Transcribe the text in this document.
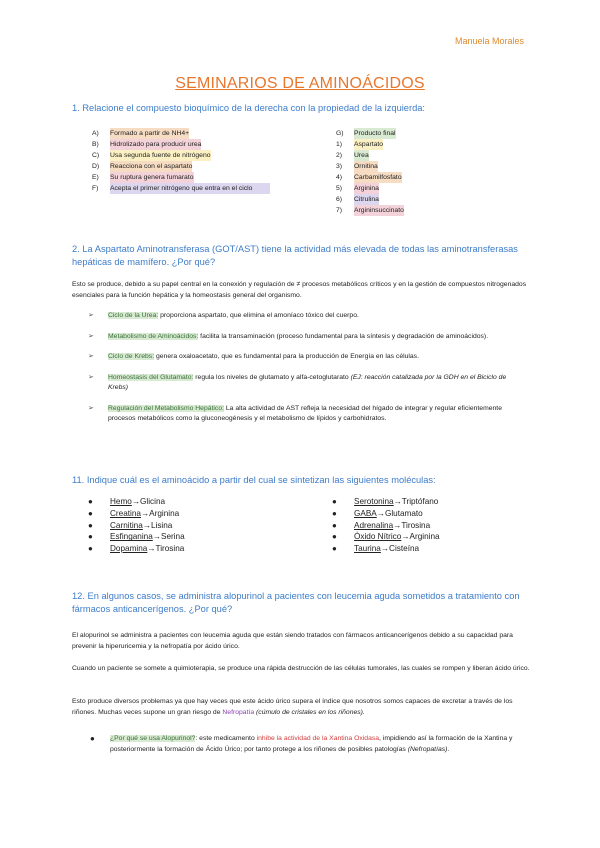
Manuela Morales
SEMINARIOS DE AMINOÁCIDOS
1. Relacione el compuesto bioquímico de la derecha con la propiedad de la izquierda:
A)	Formado a partir de NH4+
B)	Hidrolizado para producir urea
C)	Usa segunda fuente de nitrógeno
D)	Reacciona con el aspartato
E)	Su ruptura genera fumarato
F)	Acepta el primer nitrógeno que entra en el ciclo
G)	Producto final
1)	Aspartato
2)	Urea
3)	Ornitina
4)	Carbamilfosfato
5)	Arginina
6)	Citrulina
7)	Argininsuccinato
2. La Aspartato Aminotransferasa (GOT/AST) tiene la actividad más elevada de todas las aminotransferasas hepáticas de mamífero. ¿Por qué?
Esto se produce, debido a su papel central en la conexión y regulación de ≠ procesos metabólicos críticos y en la gestión de compuestos nitrogenados esenciales para la función hepática y la homeostasis general del organismo.
➢	Ciclo de la Urea: proporciona aspartato, que elimina el amoníaco tóxico del cuerpo.
➢	Metabolismo de Aminoácidos: facilita la transaminación (proceso fundamental para la síntesis y degradación de aminoácidos).
➢	Ciclo de Krebs: genera oxaloacetato, que es fundamental para la producción de Energía en las células.
➢	Homeostasis del Glutamato: regula los niveles de glutamato y alfa-cetoglutarato (EJ: reacción catalizada por la GDH en el Biciclo de Krebs)
➢	Regulación del Metabolismo Hepático: La alta actividad de AST refleja la necesidad del hígado de integrar y regular eficientemente procesos metabólicos como la gluconeogénesis y el metabolismo de lípidos y carbohidratos.
11. Indique cuál es el aminoácido a partir del cual se sintetizan las siguientes moléculas:
●	Hemo → Glicina
●	Creatina → Arginina
●	Carnitina → Lisina
●	Esfinganina → Serina
●	Dopamina → Tirosina
●	Serotonina → Triptófano
●	GABA → Glutamato
●	Adrenalina → Tirosina
●	Óxido Nítrico → Arginina
●	Taurina → Cisteína
12. En algunos casos, se administra alopurinol a pacientes con leucemia aguda sometidos a tratamiento con fármacos anticancerígenos. ¿Por qué?
El alopurinol se administra a pacientes con leucemia aguda que están siendo tratados con fármacos anticancerígenos debido a su capacidad para prevenir la hiperuricemia y la nefropatía por ácido úrico.
Cuando un paciente se somete a quimioterapia, se produce una rápida destrucción de las células tumorales, las cuales se rompen y liberan ácido úrico.
Esto produce diversos problemas ya que hay veces que este ácido úrico supera el índice que nosotros somos capaces de excretar a través de los riñones. Muchas veces supone un gran riesgo de Nefropatía (cúmulo de cristales en los riñones).
●	¿Por qué se usa Alopurinol?: este medicamento inhibe la actividad de la Xantina Oxidasa, impidiendo así la formación de la Xantina y posteriormente la formación de Ácido Úrico; por tanto protege a los riñones de posibles patologías (Nefropatías).
